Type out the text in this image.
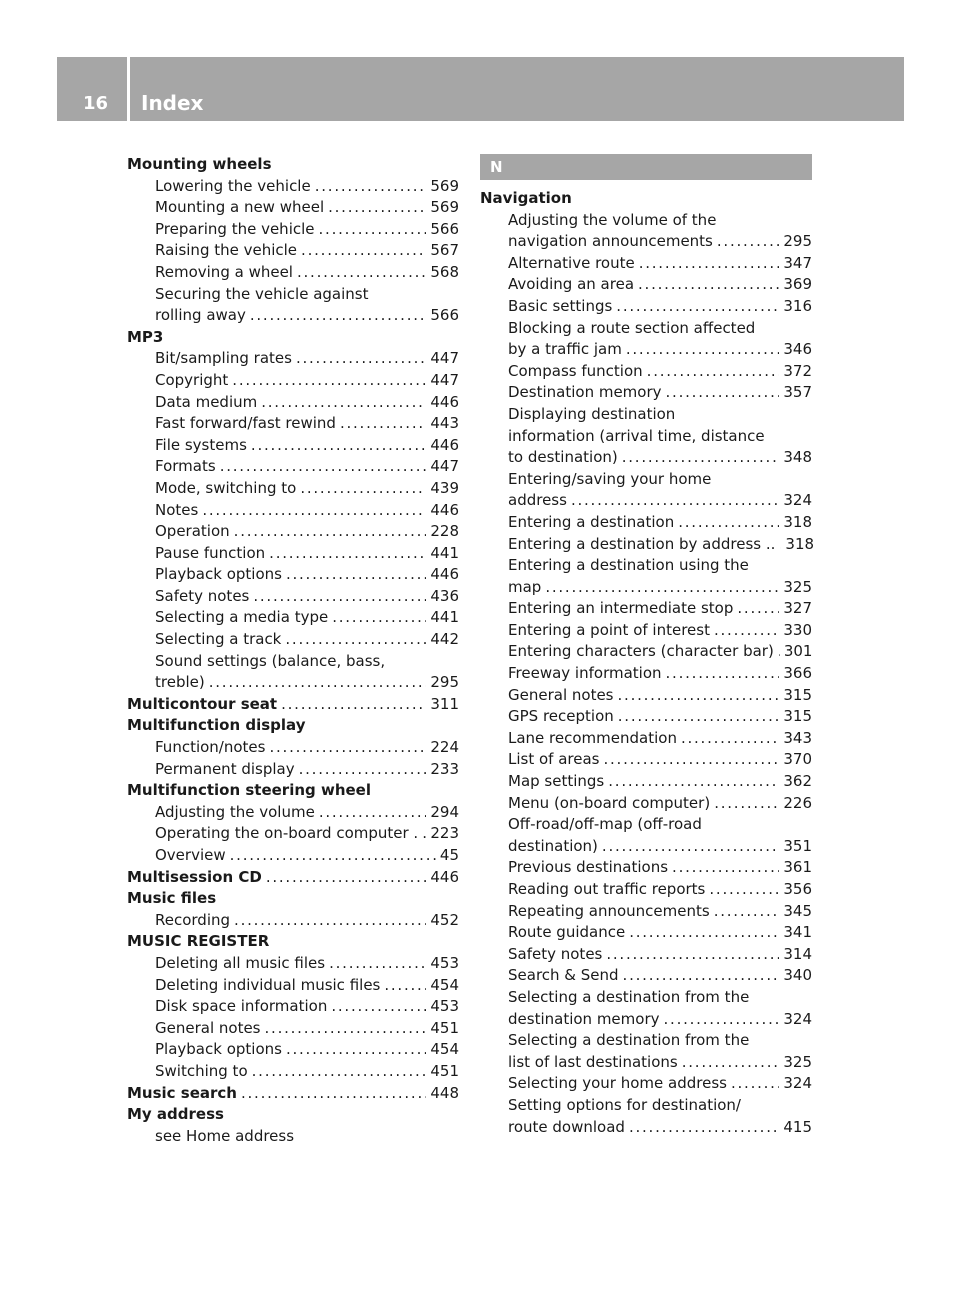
16 Index
Mounting wheels
Lowering the vehicle . . .	569
Mounting a new wheel . . .	569
Preparing the vehicle . . .	566
Raising the vehicle . . .	567
Removing a wheel . . .	568
Securing the vehicle against
rolling away . . .	566
MP3
Bit/sampling rates . . .	447
Copyright . . .	447
Data medium . . .	446
Fast forward/fast rewind . . .	443
File systems . . .	446
Formats . . .	447
Mode, switching to . . .	439
Notes . . .	446
Operation . . .	228
Pause function . . .	441
Playback options . . .	446
Safety notes . . .	436
Selecting a media type . . .	441
Selecting a track . . .	442
Sound settings (balance, bass,
treble) . . .	295
Multicontour seat . . .	311
Multifunction display
Function/notes . . .	224
Permanent display . . .	233
Multifunction steering wheel
Adjusting the volume . . .	294
Operating the on-board computer . . . . 223
Overview . . .	45
Multisession CD . . .	446
Music files
Recording . . .	452
MUSIC REGISTER
Deleting all music files . . .	453
Deleting individual music files . . .	454
Disk space information . . .	453
General notes . . .	451
Playback options . . .	454
Switching to . . .	451
Music search . . .	448
My address
see Home address
N
Navigation
Adjusting the volume of the
navigation announcements . . .	295
Alternative route . . .	347
Avoiding an area . . .	369
Basic settings . . .	316
Blocking a route section affected
by a traffic jam . . .	346
Compass function . . .	372
Destination memory . . .	357
Displaying destination
information (arrival time, distance
to destination) . . .	348
Entering/saving your home
address . . .	324
Entering a destination . . .	318
Entering a destination by address .. . . . 318
Entering a destination using the
map . . .	325
Entering an intermediate stop . . .	327
Entering a point of interest . . .	330
Entering characters (character bar) . . . 301
Freeway information . . .	366
General notes . . .	315
GPS reception . . .	315
Lane recommendation . . .	343
List of areas . . .	370
Map settings . . .	362
Menu (on-board computer) . . .	226
Off-road/off-map (off-road
destination) . . .	351
Previous destinations . . .	361
Reading out traffic reports . . .	356
Repeating announcements . . .	345
Route guidance . . .	341
Safety notes . . .	314
Search & Send . . .	340
Selecting a destination from the
destination memory . . .	324
Selecting a destination from the
list of last destinations . . .	325
Selecting your home address . . .	324
Setting options for destination/
route download . . .	415
